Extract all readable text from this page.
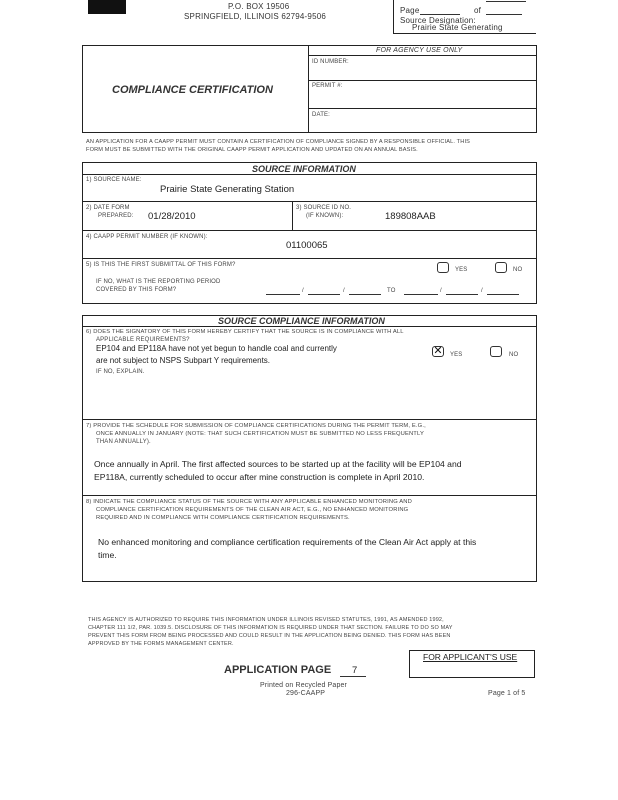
P.O. BOX 19506
SPRINGFIELD, ILLINOIS 62794-9506
Page	of
Source Designation:
Prairie State Generating
COMPLIANCE CERTIFICATION
FOR AGENCY USE ONLY
ID NUMBER:
PERMIT #:
DATE:
AN APPLICATION FOR A CAAPP PERMIT MUST CONTAIN A CERTIFICATION OF COMPLIANCE SIGNED BY A RESPONSIBLE OFFICIAL. THIS
FORM MUST BE SUBMITTED WITH THE ORIGINAL CAAPP PERMIT APPLICATION AND UPDATED ON AN ANNUAL BASIS.
SOURCE INFORMATION
1) SOURCE NAME:
Prairie State Generating Station
2) DATE FORM
PREPARED: 01/28/2010
3) SOURCE ID NO.
(IF KNOWN):	189808AAB
4) CAAPP PERMIT NUMBER (IF KNOWN):
01100065
5) IS THIS THE FIRST SUBMITTAL OF THIS FORM?
YES	NO
IF NO, WHAT IS THE REPORTING PERIOD
COVERED BY THIS FORM?	/	/	TO	/	/
SOURCE COMPLIANCE INFORMATION
6) DOES THE SIGNATORY OF THIS FORM HEREBY CERTIFY THAT THE SOURCE IS IN COMPLIANCE WITH ALL
APPLICABLE REQUIREMENTS?
EP104 and EP118A have not yet begun to handle coal and currently
are not subject to NSPS Subpart Y requirements.
IF NO, EXPLAIN.
✕ YES	NO
7) PROVIDE THE SCHEDULE FOR SUBMISSION OF COMPLIANCE CERTIFICATIONS DURING THE PERMIT TERM, E.G.,
ONCE ANNUALLY IN JANUARY (NOTE: THAT SUCH CERTIFICATION MUST BE SUBMITTED NO LESS FREQUENTLY
THAN ANNUALLY).
Once annually in April. The first affected sources to be started up at the facility will be EP104 and
EP118A, currently scheduled to occur after mine construction is complete in April 2010.
8) INDICATE THE COMPLIANCE STATUS OF THE SOURCE WITH ANY APPLICABLE ENHANCED MONITORING AND
COMPLIANCE CERTIFICATION REQUIREMENTS OF THE CLEAN AIR ACT, E.G., NO ENHANCED MONITORING
REQUIRED AND IN COMPLIANCE WITH COMPLIANCE CERTIFICATION REQUIREMENTS.
No enhanced monitoring and compliance certification requirements of the Clean Air Act apply at this
time.
THIS AGENCY IS AUTHORIZED TO REQUIRE THIS INFORMATION UNDER ILLINOIS REVISED STATUTES, 1991, AS AMENDED 1992,
CHAPTER 111 1/2, PAR. 1039.5. DISCLOSURE OF THIS INFORMATION IS REQUIRED UNDER THAT SECTION. FAILURE TO DO SO MAY
PREVENT THIS FORM FROM BEING PROCESSED AND COULD RESULT IN THE APPLICATION BEING DENIED. THIS FORM HAS BEEN
APPROVED BY THE FORMS MANAGEMENT CENTER.
FOR APPLICANT'S USE
APPLICATION PAGE 7
Printed on Recycled Paper
296-CAAPP	Page 1 of 5
